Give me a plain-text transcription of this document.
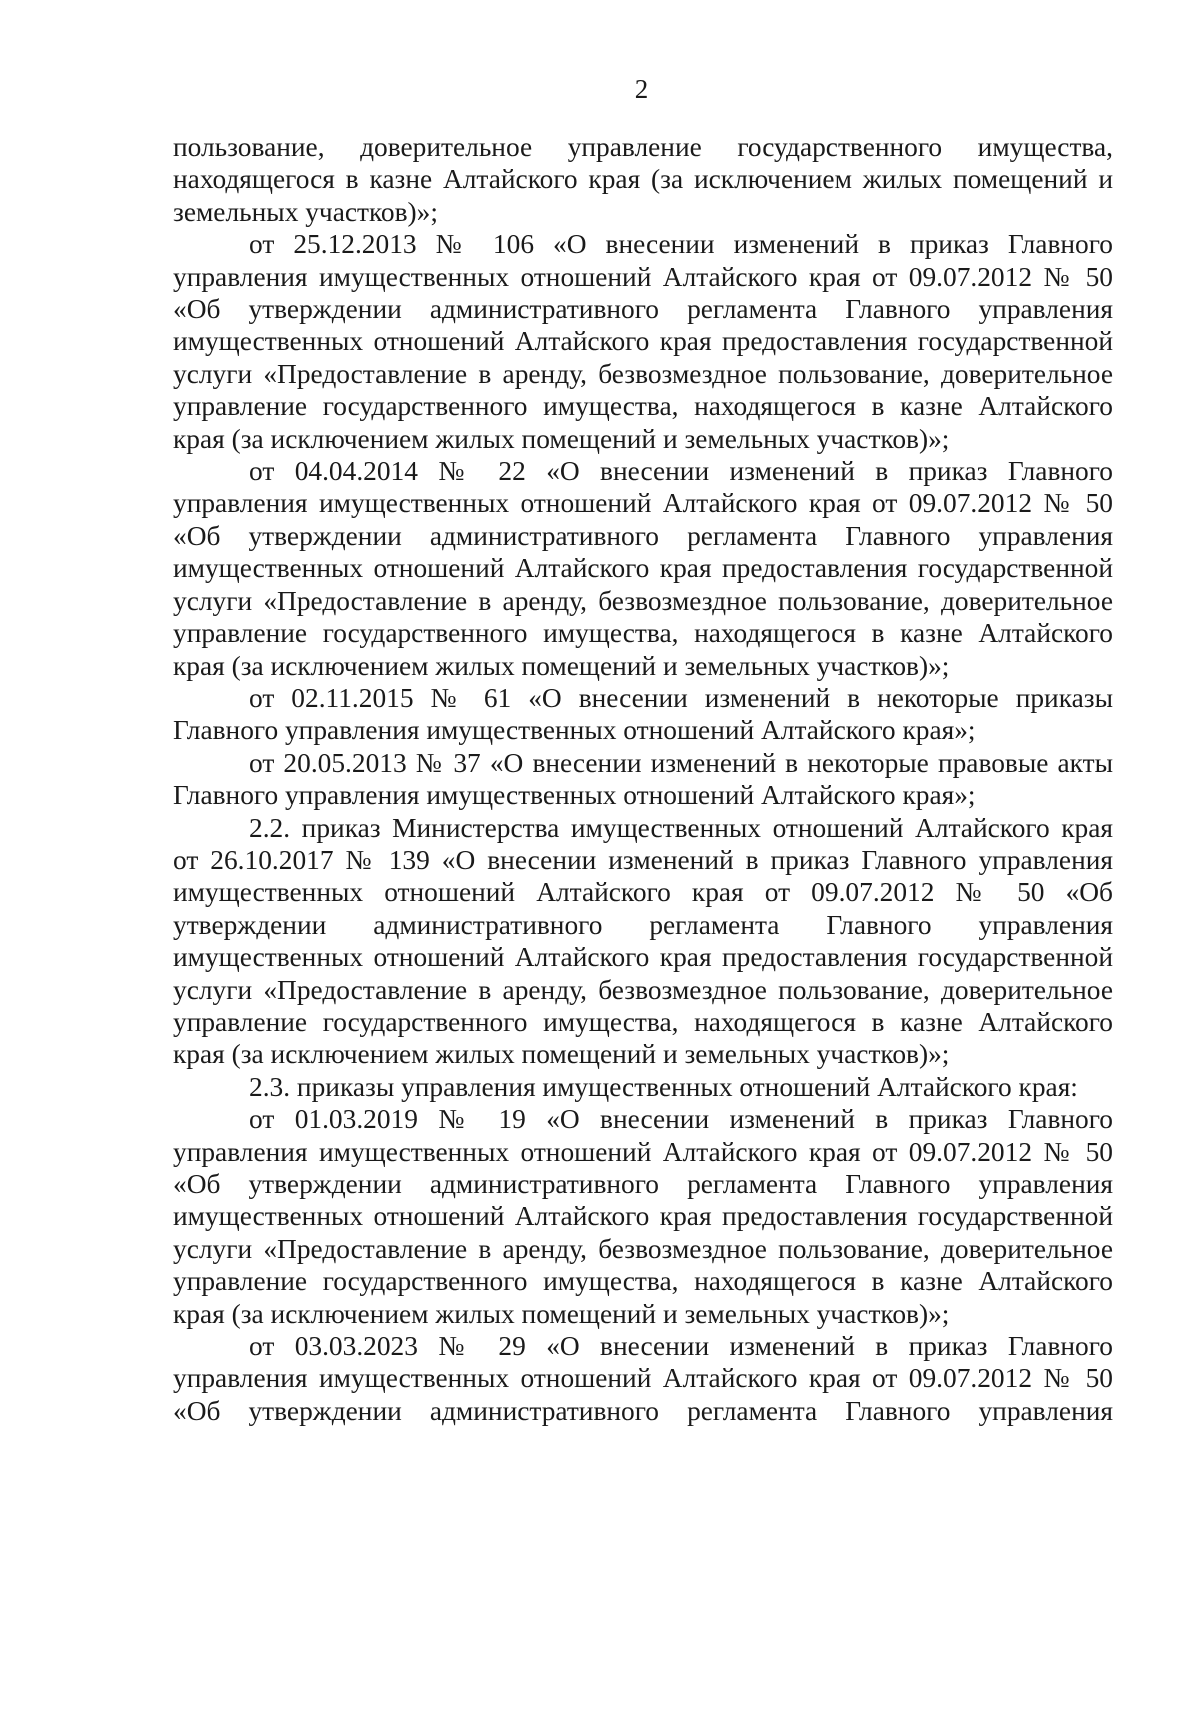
2

пользование, доверительное управление государственного имущества, находящегося в казне Алтайского края (за исключением жилых помещений и земельных участков)»;

от 25.12.2013 № 106 «О внесении изменений в приказ Главного управления имущественных отношений Алтайского края от 09.07.2012 № 50 «Об утверждении административного регламента Главного управления имущественных отношений Алтайского края предоставления государственной услуги «Предоставление в аренду, безвозмездное пользование, доверительное управление государственного имущества, находящегося в казне Алтайского края (за исключением жилых помещений и земельных участков)»;

от 04.04.2014 № 22 «О внесении изменений в приказ Главного управления имущественных отношений Алтайского края от 09.07.2012 № 50 «Об утверждении административного регламента Главного управления имущественных отношений Алтайского края предоставления государственной услуги «Предоставление в аренду, безвозмездное пользование, доверительное управление государственного имущества, находящегося в казне Алтайского края (за исключением жилых помещений и земельных участков)»;

от 02.11.2015 № 61 «О внесении изменений в некоторые приказы Главного управления имущественных отношений Алтайского края»;

от 20.05.2013 № 37 «О внесении изменений в некоторые правовые акты Главного управления имущественных отношений Алтайского края»;

2.2. приказ Министерства имущественных отношений Алтайского края от 26.10.2017 № 139 «О внесении изменений в приказ Главного управления имущественных отношений Алтайского края от 09.07.2012 № 50 «Об утверждении административного регламента Главного управления имущественных отношений Алтайского края предоставления государственной услуги «Предоставление в аренду, безвозмездное пользование, доверительное управление государственного имущества, находящегося в казне Алтайского края (за исключением жилых помещений и земельных участков)»;

2.3. приказы управления имущественных отношений Алтайского края:

от 01.03.2019 № 19 «О внесении изменений в приказ Главного управления имущественных отношений Алтайского края от 09.07.2012 № 50 «Об утверждении административного регламента Главного управления имущественных отношений Алтайского края предоставления государственной услуги «Предоставление в аренду, безвозмездное пользование, доверительное управление государственного имущества, находящегося в казне Алтайского края (за исключением жилых помещений и земельных участков)»;

от 03.03.2023 № 29 «О внесении изменений в приказ Главного управления имущественных отношений Алтайского края от 09.07.2012 № 50 «Об утверждении административного регламента Главного управления
